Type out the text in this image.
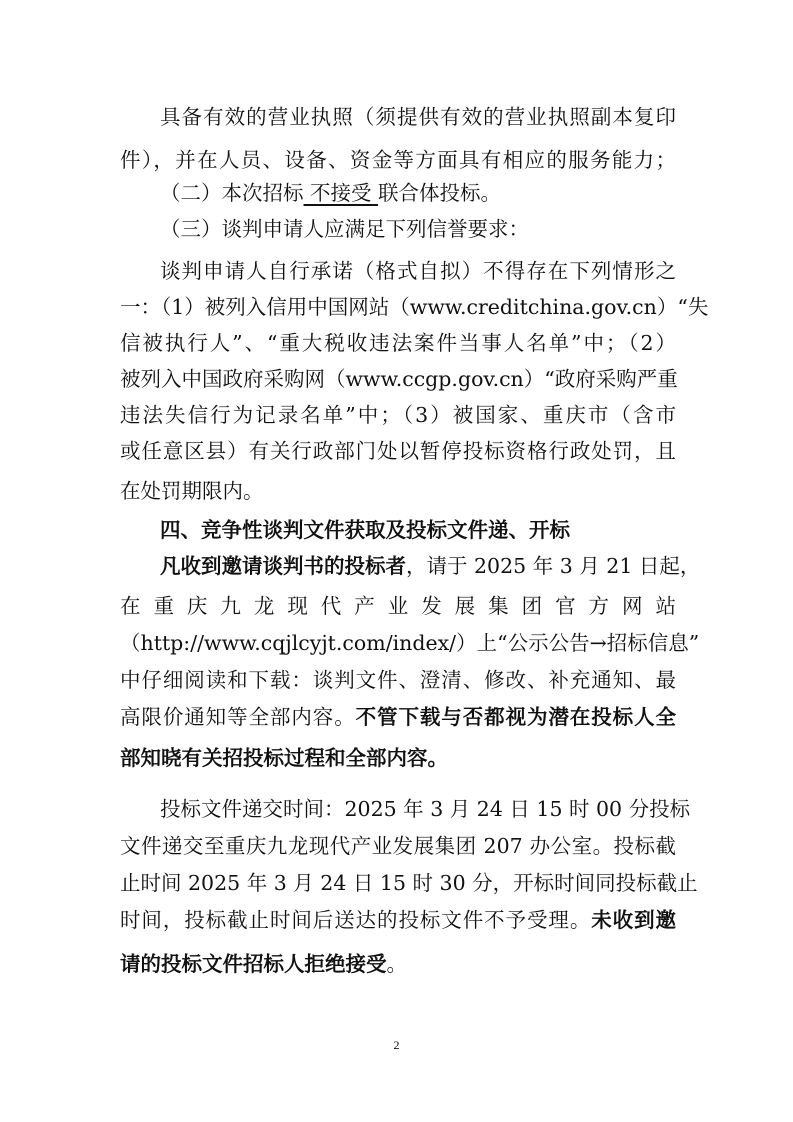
具备有效的营业执照（须提供有效的营业执照副本复印
件），并在人员、设备、资金等方面具有相应的服务能力；
（二）本次招标 不接受 联合体投标。
（三）谈判申请人应满足下列信誉要求：
谈判申请人自行承诺（格式自拟）不得存在下列情形之
一：（1）被列入信用中国网站（www.creditchina.gov.cn）“失
信被执行人”、“重大税收违法案件当事人名单”中；（2）
被列入中国政府采购网（www.ccgp.gov.cn）“政府采购严重
违法失信行为记录名单”中；（3）被国家、重庆市（含市
或任意区县）有关行政部门处以暂停投标资格行政处罚，且
在处罚期限内。
四、竞争性谈判文件获取及投标文件递、开标
凡收到邀请谈判书的投标者，请于 2025 年 3 月 21 日起，
在重庆九龙现代产业发展集团官方网站
（http://www.cqjlcyjt.com/index/）上“公示公告→招标信息”
中仔细阅读和下载：谈判文件、澄清、修改、补充通知、最
高限价通知等全部内容。不管下载与否都视为潜在投标人全
部知晓有关招投标过程和全部内容。
投标文件递交时间：2025 年 3 月 24 日 15 时 00 分投标
文件递交至重庆九龙现代产业发展集团 207 办公室。投标截
止时间 2025 年 3 月 24 日 15 时 30 分，开标时间同投标截止
时间，投标截止时间后送达的投标文件不予受理。未收到邀
请的投标文件招标人拒绝接受。
2
